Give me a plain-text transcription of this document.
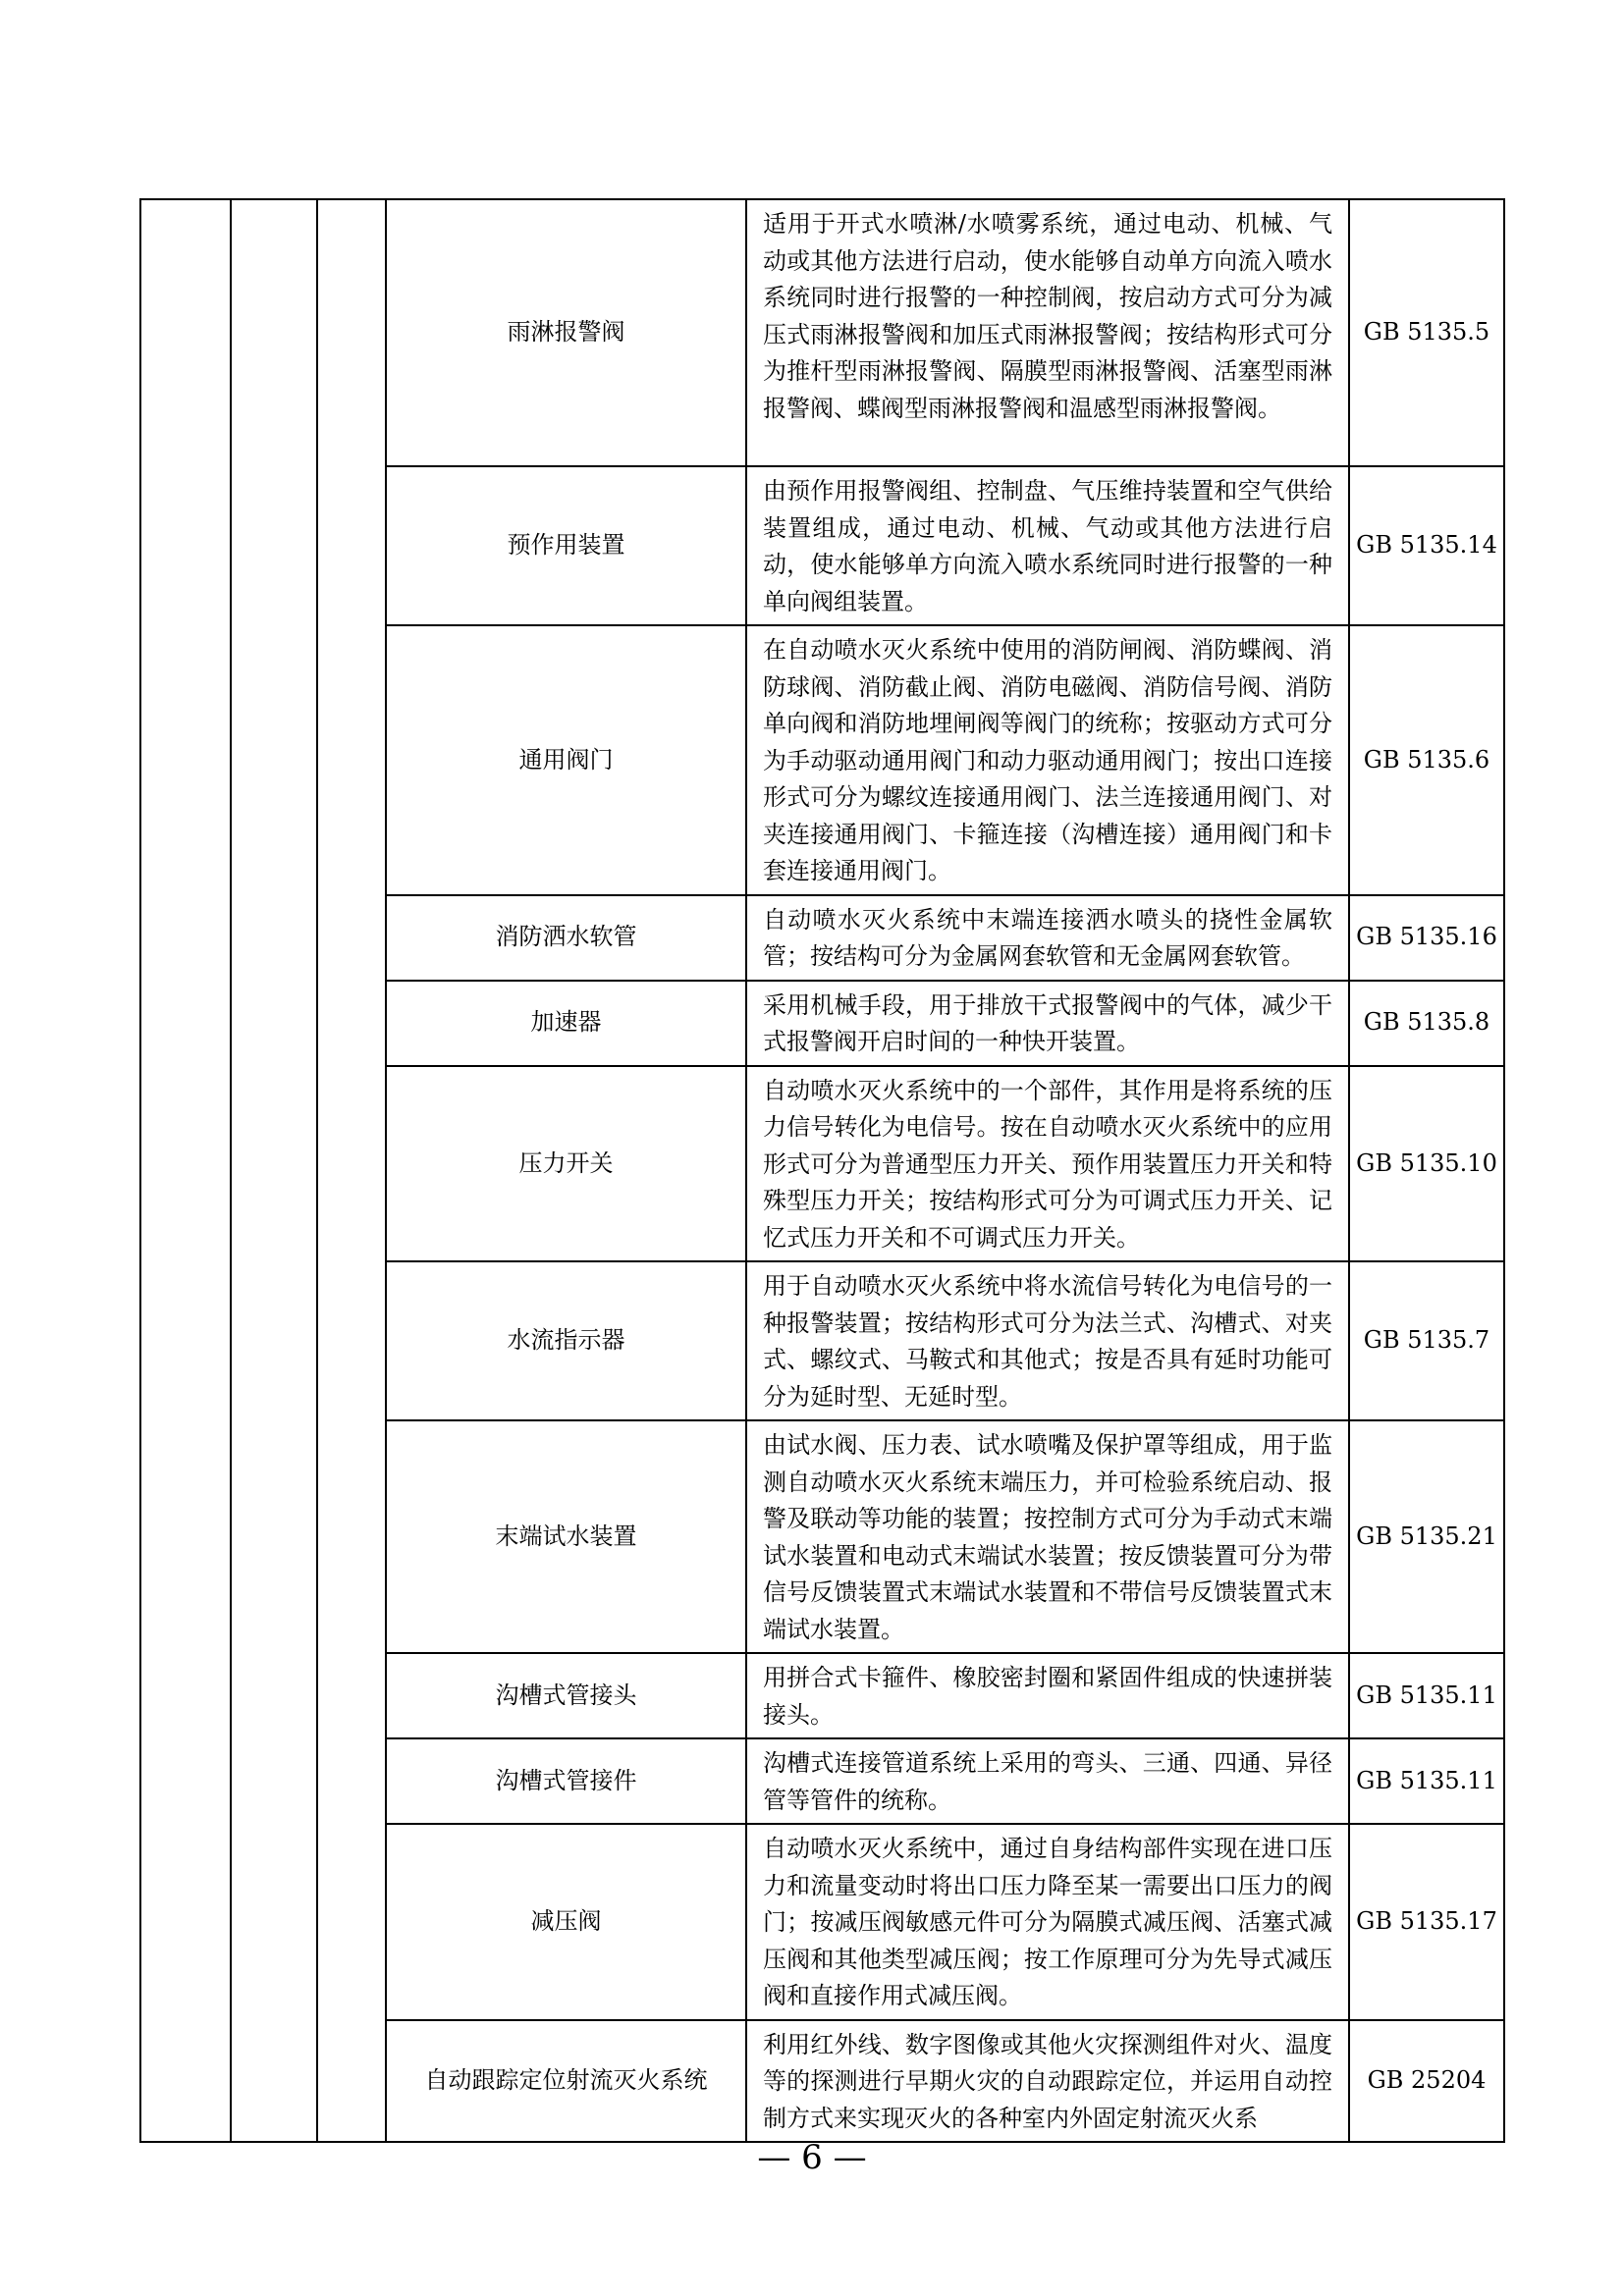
			雨淋报警阀	适用于开式水喷淋/水喷雾系统，通过电动、机械、气动或其他方法进行启动，使水能够自动单方向流入喷水系统同时进行报警的一种控制阀，按启动方式可分为减压式雨淋报警阀和加压式雨淋报警阀；按结构形式可分为推杆型雨淋报警阀、隔膜型雨淋报警阀、活塞型雨淋报警阀、蝶阀型雨淋报警阀和温感型雨淋报警阀。	GB 5135.5
			预作用装置	由预作用报警阀组、控制盘、气压维持装置和空气供给装置组成，通过电动、机械、气动或其他方法进行启动，使水能够单方向流入喷水系统同时进行报警的一种单向阀组装置。	GB 5135.14
			通用阀门	在自动喷水灭火系统中使用的消防闸阀、消防蝶阀、消防球阀、消防截止阀、消防电磁阀、消防信号阀、消防单向阀和消防地埋闸阀等阀门的统称；按驱动方式可分为手动驱动通用阀门和动力驱动通用阀门；按出口连接形式可分为螺纹连接通用阀门、法兰连接通用阀门、对夹连接通用阀门、卡箍连接（沟槽连接）通用阀门和卡套连接通用阀门。	GB 5135.6
			消防洒水软管	自动喷水灭火系统中末端连接洒水喷头的挠性金属软管；按结构可分为金属网套软管和无金属网套软管。	GB 5135.16
			加速器	采用机械手段，用于排放干式报警阀中的气体，减少干式报警阀开启时间的一种快开装置。	GB 5135.8
			压力开关	自动喷水灭火系统中的一个部件，其作用是将系统的压力信号转化为电信号。按在自动喷水灭火系统中的应用形式可分为普通型压力开关、预作用装置压力开关和特殊型压力开关；按结构形式可分为可调式压力开关、记忆式压力开关和不可调式压力开关。	GB 5135.10
			水流指示器	用于自动喷水灭火系统中将水流信号转化为电信号的一种报警装置；按结构形式可分为法兰式、沟槽式、对夹式、螺纹式、马鞍式和其他式；按是否具有延时功能可分为延时型、无延时型。	GB 5135.7
			末端试水装置	由试水阀、压力表、试水喷嘴及保护罩等组成，用于监测自动喷水灭火系统末端压力，并可检验系统启动、报警及联动等功能的装置；按控制方式可分为手动式末端试水装置和电动式末端试水装置；按反馈装置可分为带信号反馈装置式末端试水装置和不带信号反馈装置式末端试水装置。	GB 5135.21
			沟槽式管接头	用拼合式卡箍件、橡胶密封圈和紧固件组成的快速拼装接头。	GB 5135.11
			沟槽式管接件	沟槽式连接管道系统上采用的弯头、三通、四通、异径管等管件的统称。	GB 5135.11
			减压阀	自动喷水灭火系统中，通过自身结构部件实现在进口压力和流量变动时将出口压力降至某一需要出口压力的阀门；按减压阀敏感元件可分为隔膜式减压阀、活塞式减压阀和其他类型减压阀；按工作原理可分为先导式减压阀和直接作用式减压阀。	GB 5135.17
			自动跟踪定位射流灭火系统	利用红外线、数字图像或其他火灾探测组件对火、温度等的探测进行早期火灾的自动跟踪定位，并运用自动控制方式来实现灭火的各种室内外固定射流灭火系	GB 25204
— 6 —
